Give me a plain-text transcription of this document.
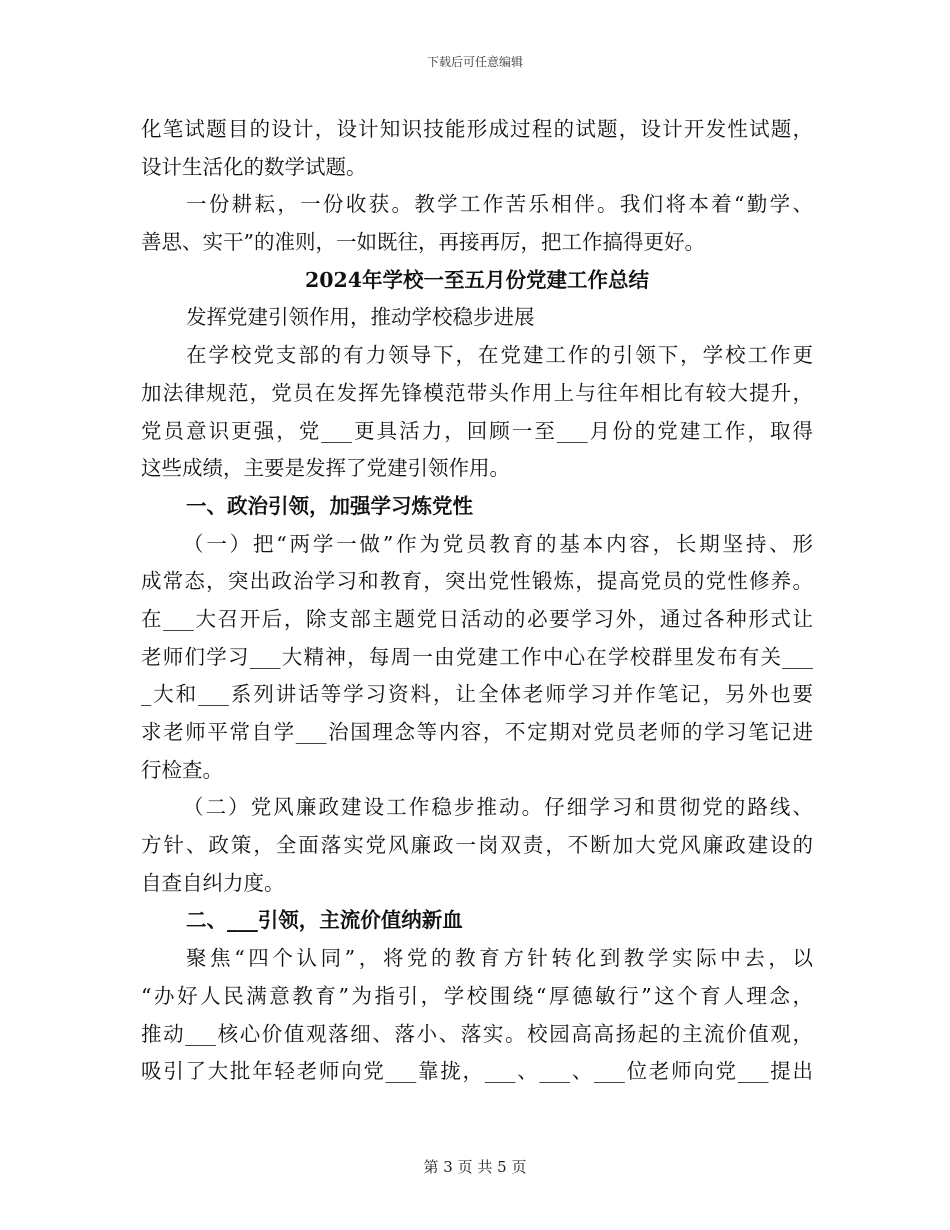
下载后可任意编辑
化笔试题目的设计，设计知识技能形成过程的试题，设计开发性试题，
设计生活化的数学试题。
一份耕耘，一份收获。教学工作苦乐相伴。我们将本着“勤学、
善思、实干”的准则，一如既往，再接再厉，把工作搞得更好。
2024年学校一至五月份党建工作总结
发挥党建引领作用，推动学校稳步进展
在学校党支部的有力领导下，在党建工作的引领下，学校工作更
加法律规范，党员在发挥先锋模范带头作用上与往年相比有较大提升，
党员意识更强，党___更具活力，回顾一至___月份的党建工作，取得
这些成绩，主要是发挥了党建引领作用。
一、政治引领，加强学习炼党性
（一）把“两学一做”作为党员教育的基本内容，长期坚持、形
成常态，突出政治学习和教育，突出党性锻炼，提高党员的党性修养。
在___大召开后，除支部主题党日活动的必要学习外，通过各种形式让
老师们学习___大精神，每周一由党建工作中心在学校群里发布有关___
_大和___系列讲话等学习资料，让全体老师学习并作笔记，另外也要
求老师平常自学___治国理念等内容，不定期对党员老师的学习笔记进
行检查。
（二）党风廉政建设工作稳步推动。仔细学习和贯彻党的路线、
方针、政策，全面落实党风廉政一岗双责，不断加大党风廉政建设的
自查自纠力度。
二、___引领，主流价值纳新血
聚焦“四个认同”，将党的教育方针转化到教学实际中去，以
“办好人民满意教育”为指引，学校围绕“厚德敏行”这个育人理念，
推动___核心价值观落细、落小、落实。校园高高扬起的主流价值观，
吸引了大批年轻老师向党___靠拢，___、___、___位老师向党___提出
第 3 页 共 5 页
